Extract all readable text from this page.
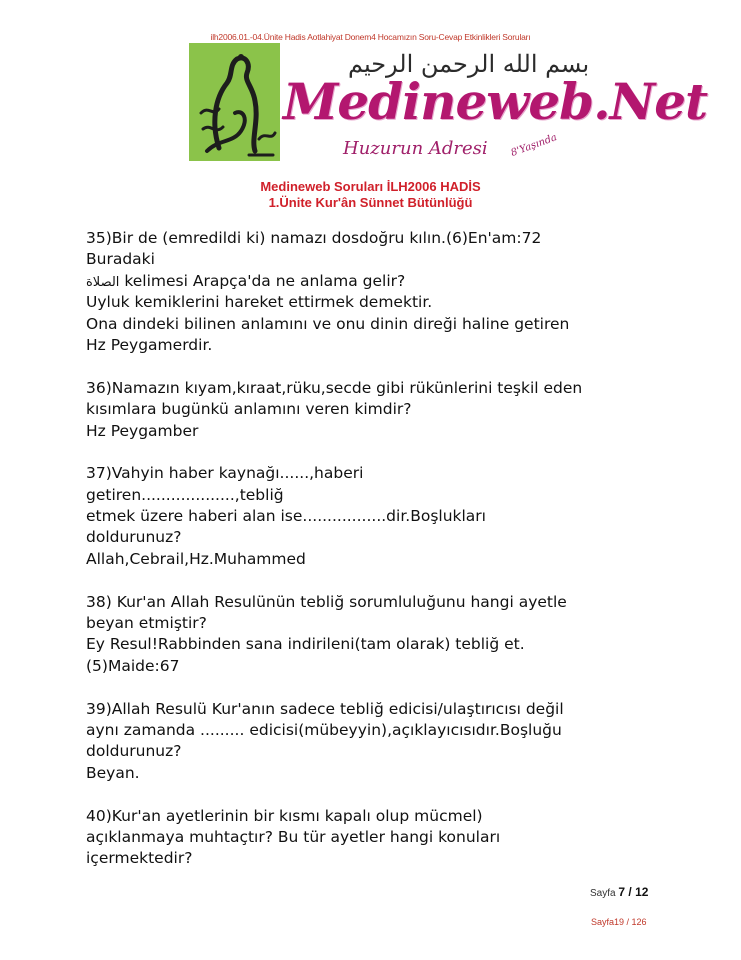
ilh2006.01.-04.Ünite Hadis Aotlahiyat Donem4 Hocamızın Soru-Cevap Etkinlikleri Soruları
بسم الله الرحمن الرحيم
Medineweb.Net
Huzurun Adresi 8'Yaşında
Medineweb Soruları İLH2006 HADİS
1.Ünite Kur'ân Sünnet Bütünlüğü
35)Bir de (emredildi ki) namazı dosdoğru kılın.(6)En'am:72
Buradaki
الصلاة kelimesi Arapça'da ne anlama gelir?
Uyluk kemiklerini hareket ettirmek demektir.
Ona dindeki bilinen anlamını ve onu dinin direği haline getiren
Hz Peygamerdir.
36)Namazın kıyam,kıraat,rüku,secde gibi rükünlerini teşkil eden
kısımlara bugünkü anlamını veren kimdir?
Hz Peygamber
37)Vahyin haber kaynağı......,haberi
getiren...................,tebliğ
etmek üzere haberi alan ise.................dir.Boşlukları
doldurunuz?
Allah,Cebrail,Hz.Muhammed
38) Kur'an Allah Resulünün tebliğ sorumluluğunu hangi ayetle
beyan etmiştir?
Ey Resul!Rabbinden sana indirileni(tam olarak) tebliğ et.
(5)Maide:67
39)Allah Resulü Kur'anın sadece tebliğ edicisi/ulaştırıcısı değil
aynı zamanda ......... edicisi(mübeyyin),açıklayıcısıdır.Boşluğu
doldurunuz?
Beyan.
40)Kur'an ayetlerinin bir kısmı kapalı olup mücmel)
açıklanmaya muhtaçtır? Bu tür ayetler hangi konuları
içermektedir?
Sayfa 7 / 12
Sayfa19 / 126
